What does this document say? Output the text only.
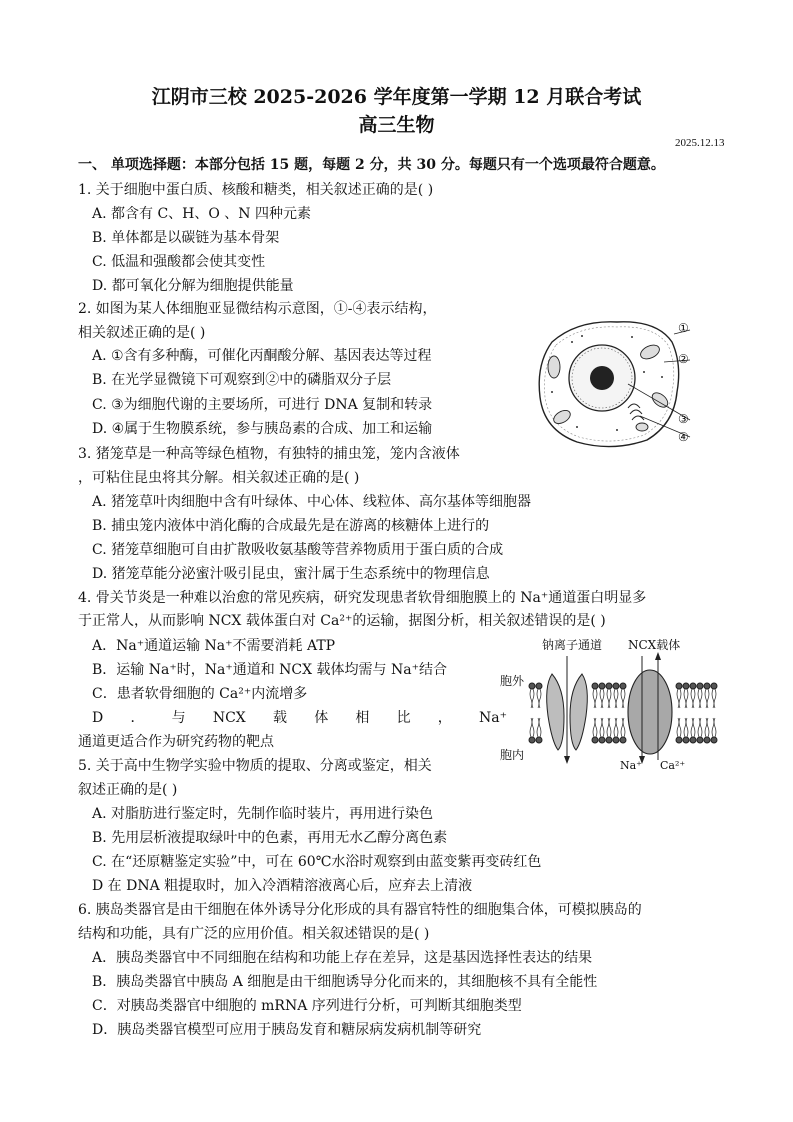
江阴市三校 2025-2026 学年度第一学期 12 月联合考试
高三生物
2025.12.13
一、 单项选择题：本部分包括 15 题，每题 2 分，共 30 分。每题只有一个选项最符合题意。
1. 关于细胞中蛋白质、核酸和糖类，相关叙述正确的是( )
A. 都含有 C、H、O 、N 四种元素
B. 单体都是以碳链为基本骨架
C. 低温和强酸都会使其变性
D. 都可氧化分解为细胞提供能量
2. 如图为某人体细胞亚显微结构示意图，①-④表示结构，
相关叙述正确的是( )
A. ①含有多种酶，可催化丙酮酸分解、基因表达等过程
B. 在光学显微镜下可观察到②中的磷脂双分子层
C. ③为细胞代谢的主要场所，可进行 DNA 复制和转录
D. ④属于生物膜系统，参与胰岛素的合成、加工和运输
①
②
③
④
3. 猪笼草是一种高等绿色植物，有独特的捕虫笼，笼内含液体
，可粘住昆虫将其分解。相关叙述正确的是( )
A. 猪笼草叶肉细胞中含有叶绿体、中心体、线粒体、高尔基体等细胞器
B. 捕虫笼内液体中消化酶的合成最先是在游离的核糖体上进行的
C. 猪笼草细胞可自由扩散吸收氨基酸等营养物质用于蛋白质的合成
D. 猪笼草能分泌蜜汁吸引昆虫，蜜汁属于生态系统中的物理信息
4. 骨关节炎是一种难以治愈的常见疾病，研究发现患者软骨细胞膜上的 Na⁺通道蛋白明显多
于正常人，从而影响 NCX 载体蛋白对 Ca²⁺的运输，据图分析，相关叙述错误的是( )
A．Na⁺通道运输 Na⁺不需要消耗 ATP
B．运输 Na⁺时，Na⁺通道和 NCX 载体均需与 Na⁺结合
C．患者软骨细胞的 Ca²⁺内流增多
D ． 与 NCX 载 体 相 比 ， Na⁺
通道更适合作为研究药物的靶点
钠离子通道 NCX载体
胞外
胞内
Na⁺ Ca²⁺
5. 关于高中生物学实验中物质的提取、分离或鉴定，相关
叙述正确的是( )
A. 对脂肪进行鉴定时，先制作临时装片，再用进行染色
B. 先用层析液提取绿叶中的色素，再用无水乙醇分离色素
C. 在“还原糖鉴定实验”中，可在 60℃水浴时观察到由蓝变紫再变砖红色
D 在 DNA 粗提取时，加入冷酒精溶液离心后，应弃去上清液
6. 胰岛类器官是由干细胞在体外诱导分化形成的具有器官特性的细胞集合体，可模拟胰岛的
结构和功能，具有广泛的应用价值。相关叙述错误的是( )
A．胰岛类器官中不同细胞在结构和功能上存在差异，这是基因选择性表达的结果
B．胰岛类器官中胰岛 A 细胞是由干细胞诱导分化而来的，其细胞核不具有全能性
C．对胰岛类器官中细胞的 mRNA 序列进行分析，可判断其细胞类型
D．胰岛类器官模型可应用于胰岛发育和糖尿病发病机制等研究
